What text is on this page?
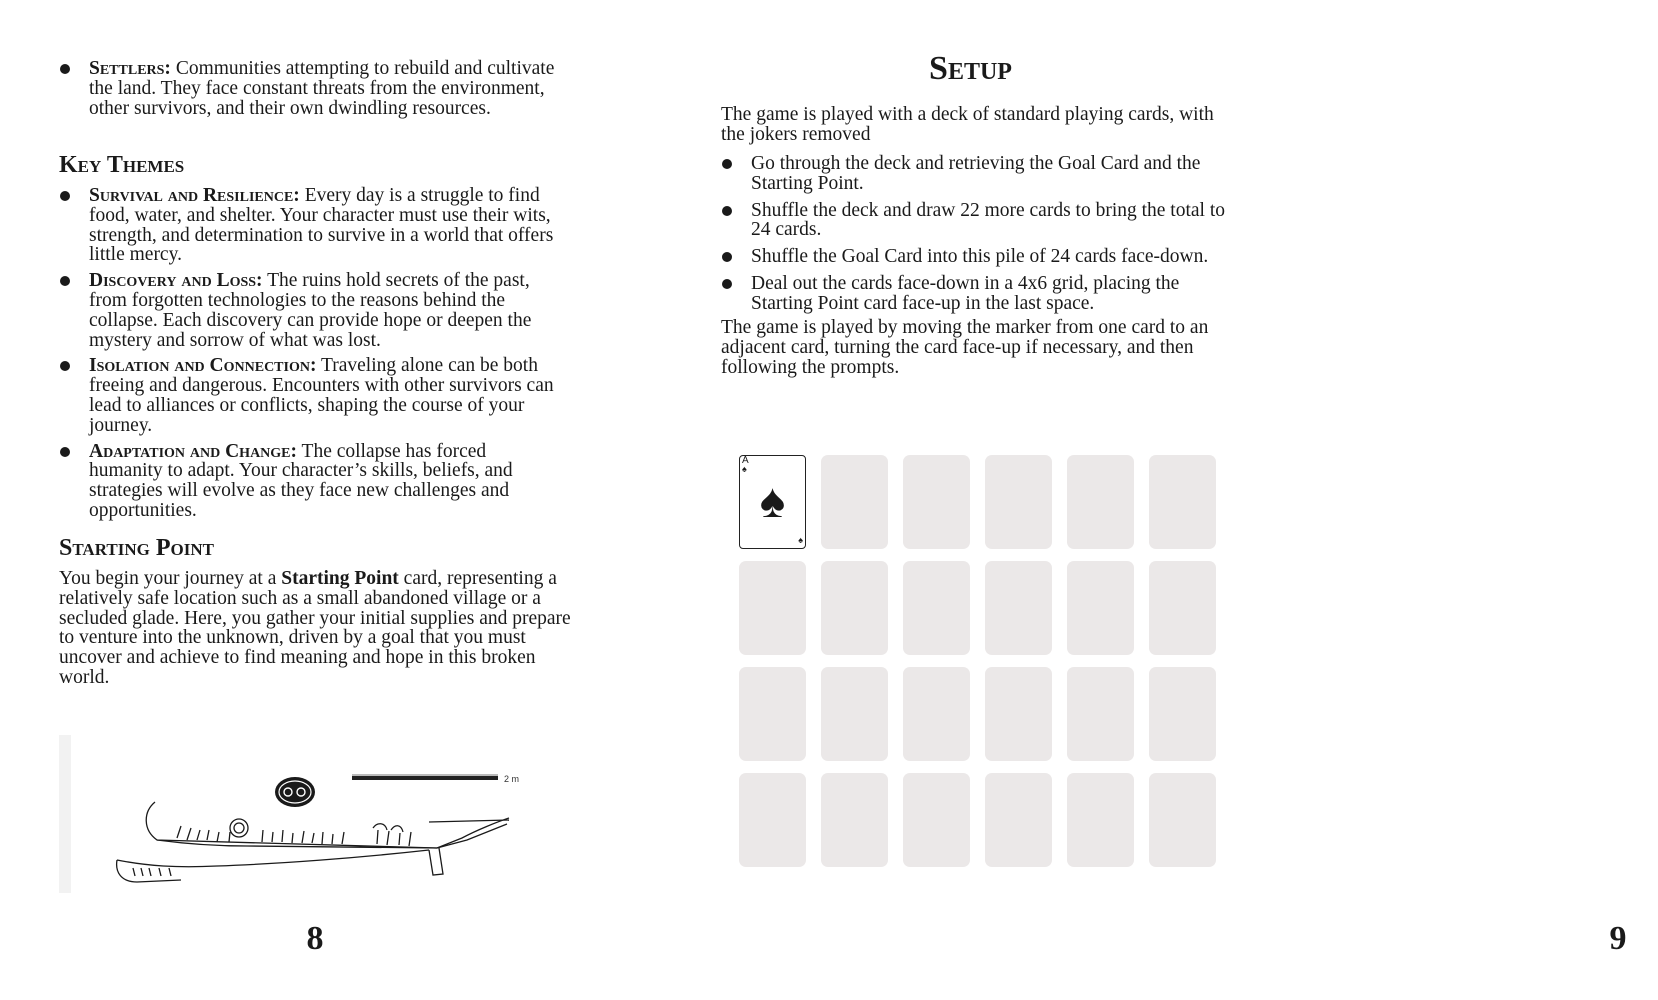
Settlers: Communities attempting to rebuild and cultivate the land. They face constant threats from the environment, other survivors, and their own dwindling resources.
Key Themes
Survival and Resilience: Every day is a struggle to find food, water, and shelter. Your character must use their wits, strength, and determination to survive in a world that offers little mercy.
Discovery and Loss: The ruins hold secrets of the past, from forgotten technologies to the reasons behind the collapse. Each discovery can provide hope or deepen the mystery and sorrow of what was lost.
Isolation and Connection: Traveling alone can be both freeing and dangerous. Encounters with other survivors can lead to alliances or conflicts, shaping the course of your journey.
Adaptation and Change: The collapse has forced humanity to adapt. Your character’s skills, beliefs, and strategies will evolve as they face new challenges and opportunities.
Starting Point

You begin your journey at a Starting Point card, representing a relatively safe location such as a small abandoned village or a secluded glade. Here, you gather your initial supplies and prepare to venture into the unknown, driven by a goal that you must uncover and achieve to find meaning and hope in this broken world.

2 m
8
Setup

The game is played with a deck of standard playing cards, with the jokers removed

Go through the deck and retrieving the Goal Card and the Starting Point.
Shuffle the deck and draw 22 more cards to bring the total to 24 cards.
Shuffle the Goal Card into this pile of 24 cards face-down.
Deal out the cards face-down in a 4x6 grid, placing the Starting Point card face-up in the last space.

The game is played by moving the marker from one card to an adjacent card, turning the card face-up if necessary, and then following the prompts.

A
♠
♠
♠
9
